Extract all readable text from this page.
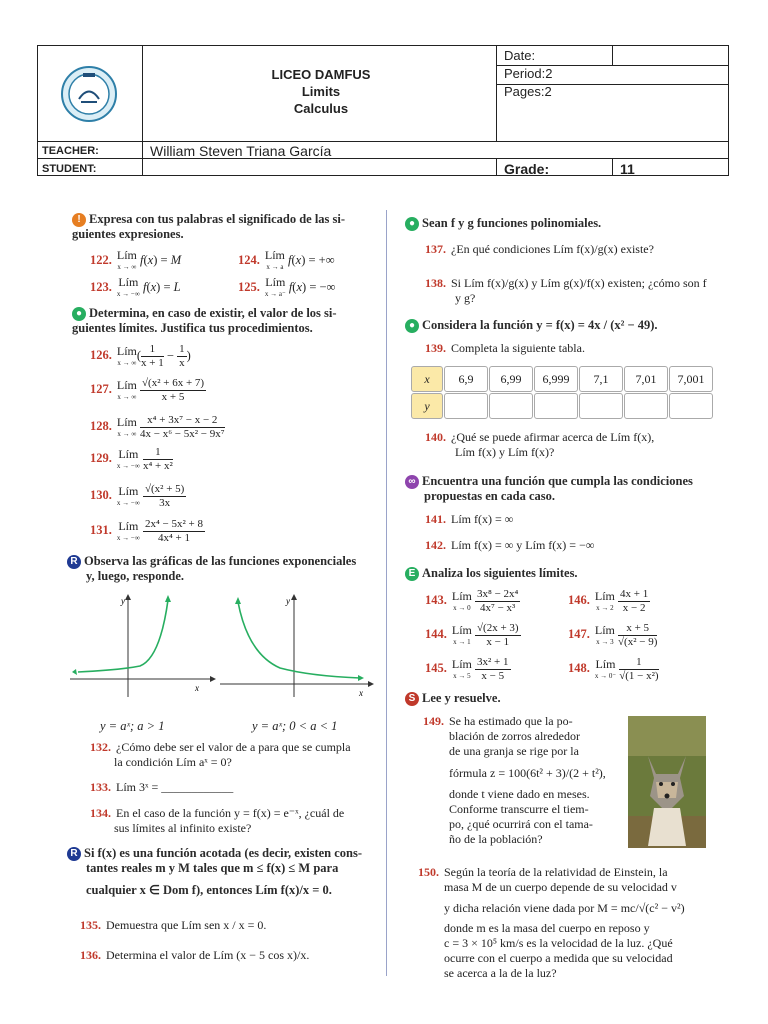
LICEO DAMFUS
Limits
Calculus
Date:
Period:2
Pages:2
TEACHER:	William Steven Triana García
STUDENT:	Grade:	11
! Expresa con tus palabras el significado de las si-
guientes expresiones.
122. Lím
x → ∞ f(x) = M	124. Lím
x → a f(x) = +∞
123. Lím
x → −∞ f(x) = L	125. Lím
x → a⁻ f(x) = −∞
● Determina, en caso de existir, el valor de los si-
guientes límites. Justifica tus procedimientos.
126. Lím
x → ∞( $\frac{1}{x + 1} - \frac{1}{x}$ )
127. Lím
x → ∞ $\frac{\text{√(x² + 6x + 7)}}{x + 5}$
128. Lím
x → ∞ $\frac{\text{x⁴ + 3x⁷ − x − 2}}{\text{4x − x⁶ − 5x² − 9x⁷}}$
129. Lím
x → −∞ $\frac{1}{\text{x⁴ + x²}}$
130. Lím
x → −∞ $\frac{\text{√(x² + 5)}}{3x}$
131. Lím
x → −∞ $\frac{\text{2x⁴ − 5x² + 8}}{\text{4x⁴ + 1}}$
R Observa las gráficas de las funciones exponenciales
y, luego, responde.
y
x
y
x
y = aˣ; a > 1	y = aˣ; 0 < a < 1
132. ¿Cómo debe ser el valor de a para que se cumpla
la condición Lím aˣ = 0?
133. Lím 3ˣ = ____________
134. En el caso de la función y = f(x) = e⁻ˣ, ¿cuál de
sus límites al infinito existe?
R Si f(x) es una función acotada (es decir, existen cons-
tantes reales m y M tales que m ≤ f(x) ≤ M para
cualquier x ∈ Dom f), entonces Lím f(x)/x = 0.
135. Demuestra que Lím sen x / x = 0.
136. Determina el valor de Lím (x − 5 cos x)/x.
● Sean f y g funciones polinomiales.
137. ¿En qué condiciones Lím f(x)/g(x) existe?
138. Si Lím f(x)/g(x) y Lím g(x)/f(x) existen; ¿cómo son f
y g?
● Considera la función y = f(x) = 4x / (x² − 49).
139. Completa la siguiente tabla.
x	6,9	6,99	6,999	7,1	7,01	7,001
y						
140. ¿Qué se puede afirmar acerca de Lím f(x),
Lím f(x) y Lím f(x)?
∞ Encuentra una función que cumpla las condiciones
propuestas en cada caso.
141. Lím f(x) = ∞
142. Lím f(x) = ∞ y Lím f(x) = −∞
E Analiza los siguientes límites.
143. Lím
$x \to 0 \frac{\text{3x⁸ − 2x⁴}}{\text{4x⁷ − x³}}$	146. Lím
$x \to 2 \frac{4x + 1}{x - 2}$
144. Lím
$x \to 1 \frac{√(2x + 3)}{x - 1}$	147. Lím
$x \to 3 \frac{x + 5}{\text{√(x² − 9)}}$
145. Lím
$x \to 5 \frac{\text{3x² + 1}}{x - 5}$	148. Lím
$x \to 0^- \frac{1}{\text{√(1 − x²)}}$
S Lee y resuelve.
149. Se ha estimado que la po-
blación de zorros alrededor
de una granja se rige por la
fórmula z = 100(6t² + 3)/(2 + t²),
donde t viene dado en meses.
Conforme transcurre el tiem-
po, ¿qué ocurrirá con el tama-
ño de la población?
150. Según la teoría de la relatividad de Einstein, la
masa M de un cuerpo depende de su velocidad v
y dicha relación viene dada por M = mc/√(c² − v²)
donde m es la masa del cuerpo en reposo y
c = 3 × 10⁵ km/s es la velocidad de la luz. ¿Qué
ocurre con el cuerpo a medida que su velocidad
se acerca a la de la luz?
